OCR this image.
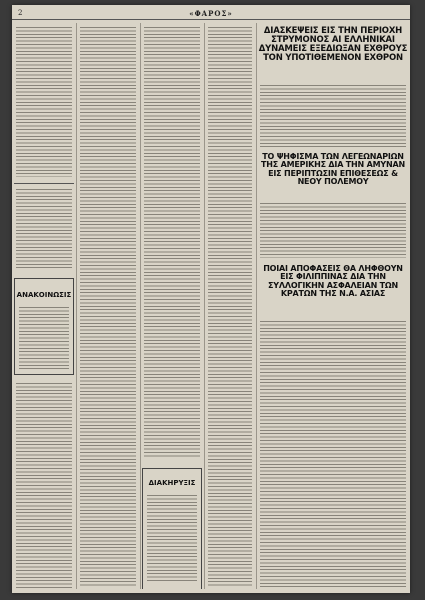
2	«ΦΑΡΟΣ»
ΑΝΑΚΟΙΝΩΣΙΣ
ΔΙΑΚΗΡΥΞΙΣ
ΔΙΑΣΚΕΨΕΙΣ ΕΙΣ ΤΗΝ ΠΕΡΙΟΧΗ ΣΤΡΥΜΟΝΟΣ ΑΙ ΕΛΛΗΝΙΚΑΙ ΔΥΝΑΜΕΙΣ ΕΞΕΔΙΩΞΑΝ ΕΧΘΡΟΥΣ ΤΟΝ ΥΠΟΤΙΘΕΜΕΝΟΝ ΕΧΘΡΟΝ
ΤΟ ΨΗΦΙΣΜΑ ΤΩΝ ΛΕΓΕΩΝΑΡΙΩΝ ΤΗΣ ΑΜΕΡΙΚΗΣ ΔΙΑ ΤΗΝ ΑΜΥΝΑΝ ΕΙΣ ΠΕΡΙΠΤΩΣΙΝ ΕΠΙΘΕΣΕΩΣ & ΝΕΟΥ ΠΟΛΕΜΟΥ
ΠΟΙΑΙ ΑΠΟΦΑΣΕΙΣ ΘΑ ΛΗΦΘΟΥΝ ΕΙΣ ΦΙΛΙΠΠΙΝΑΣ ΔΙΑ ΤΗΝ ΣΥΛΛΟΓΙΚΗΝ ΑΣΦΑΛΕΙΑΝ ΤΩΝ ΚΡΑΤΩΝ ΤΗΣ Ν.Α. ΑΣΙΑΣ
